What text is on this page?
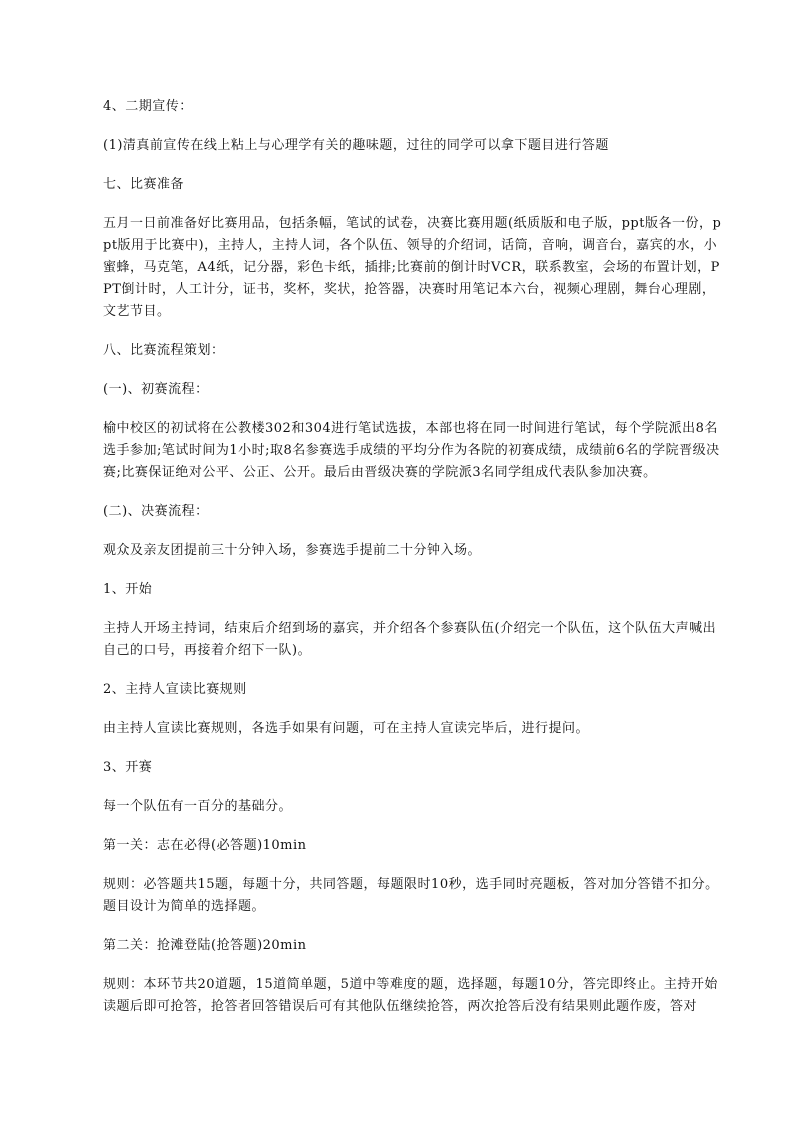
4、二期宣传：

(1)清真前宣传在线上粘上与心理学有关的趣味题，过往的同学可以拿下题目进行答题

七、比赛准备

五月一日前准备好比赛用品，包括条幅，笔试的试卷，决赛比赛用题(纸质版和电子版，ppt版各一份，ppt版用于比赛中)，主持人，主持人词，各个队伍、领导的介绍词，话筒，音响，调音台，嘉宾的水，小蜜蜂，马克笔，A4纸，记分器，彩色卡纸，插排;比赛前的倒计时VCR，联系教室，会场的布置计划，PPT倒计时，人工计分，证书，奖杯，奖状，抢答器，决赛时用笔记本六台，视频心理剧，舞台心理剧，文艺节目。

八、比赛流程策划：

(一)、初赛流程：

榆中校区的初试将在公教楼302和304进行笔试选拔，本部也将在同一时间进行笔试，每个学院派出8名选手参加;笔试时间为1小时;取8名参赛选手成绩的平均分作为各院的初赛成绩，成绩前6名的学院晋级决赛;比赛保证绝对公平、公正、公开。最后由晋级决赛的学院派3名同学组成代表队参加决赛。

(二)、决赛流程：

观众及亲友团提前三十分钟入场，参赛选手提前二十分钟入场。

1、开始

主持人开场主持词，结束后介绍到场的嘉宾，并介绍各个参赛队伍(介绍完一个队伍，这个队伍大声喊出自己的口号，再接着介绍下一队)。

2、主持人宣读比赛规则

由主持人宣读比赛规则，各选手如果有问题，可在主持人宣读完毕后，进行提问。

3、开赛

每一个队伍有一百分的基础分。

第一关：志在必得(必答题)10min

规则：必答题共15题，每题十分，共同答题，每题限时10秒，选手同时亮题板，答对加分答错不扣分。题目设计为简单的选择题。

第二关：抢滩登陆(抢答题)20min

规则：本环节共20道题，15道简单题，5道中等难度的题，选择题，每题10分，答完即终止。主持开始读题后即可抢答，抢答者回答错误后可有其他队伍继续抢答，两次抢答后没有结果则此题作废，答对
